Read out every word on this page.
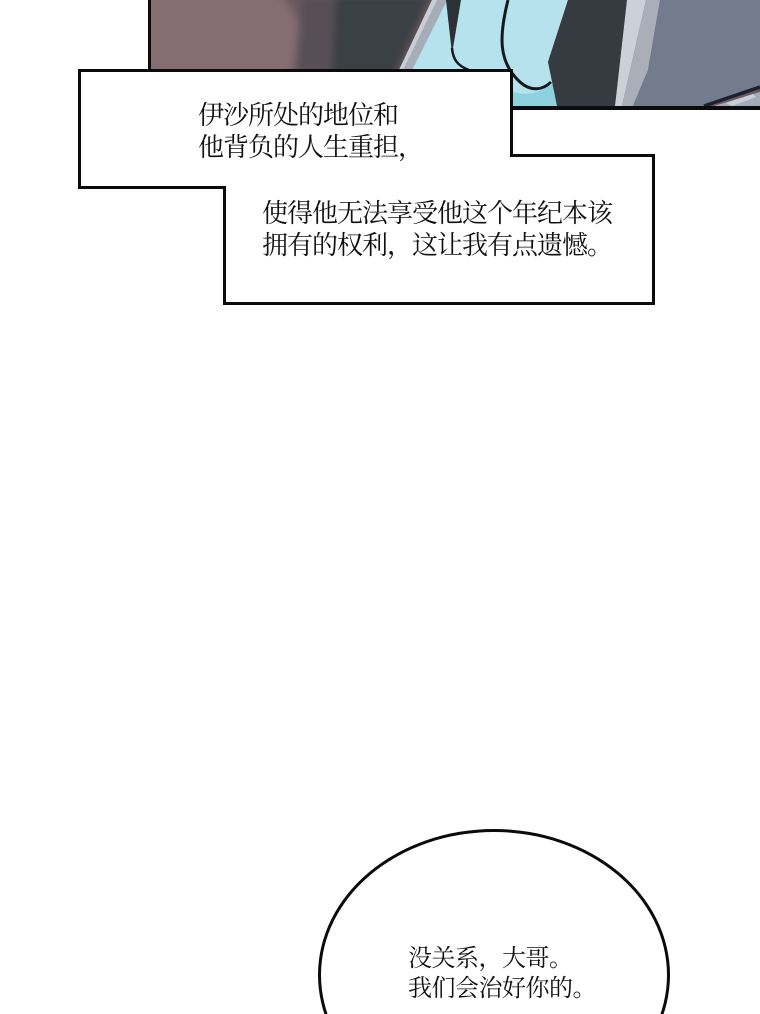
伊沙所处的地位和
他背负的人生重担，
使得他无法享受他这个年纪本该
拥有的权利，这让我有点遗憾。
没关系，大哥。
我们会治好你的。
